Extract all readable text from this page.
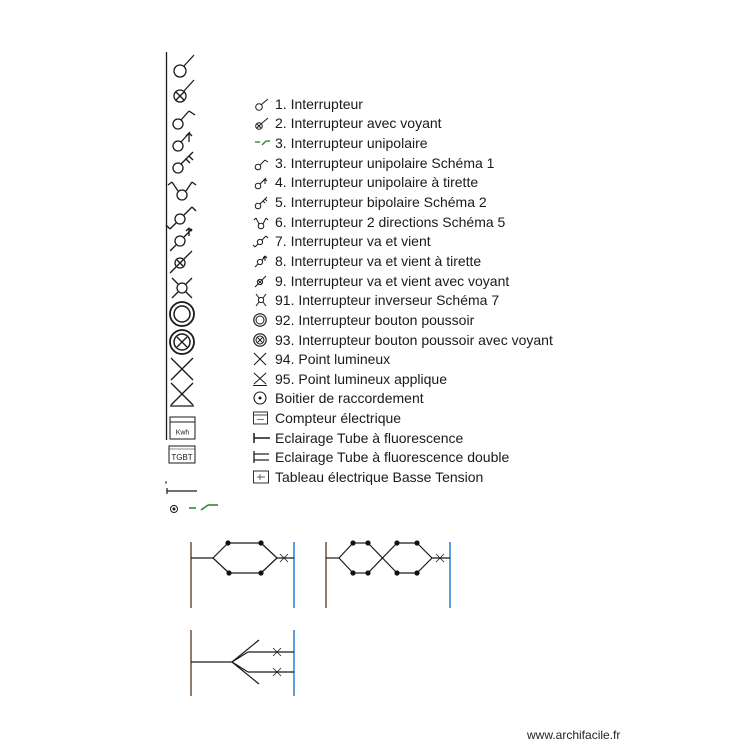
Kwh
TGBT
1. Interrupteur
2. Interrupteur avec voyant
3. Interrupteur unipolaire
3. Interrupteur unipolaire Schéma 1
4. Interrupteur unipolaire à tirette
5. Interrupteur bipolaire Schéma 2
6. Interrupteur 2 directions Schéma 5
7. Interrupteur va et vient
8. Interrupteur va et vient à tirette
9. Interrupteur va et vient avec voyant
91. Interrupteur inverseur Schéma 7
92. Interrupteur bouton poussoir
93. Interrupteur bouton poussoir avec voyant
94. Point lumineux
95. Point lumineux applique
Boitier de raccordement
Compteur électrique
Eclairage Tube à fluorescence
Eclairage Tube à fluorescence double
Tableau électrique Basse Tension
www.archifacile.fr
